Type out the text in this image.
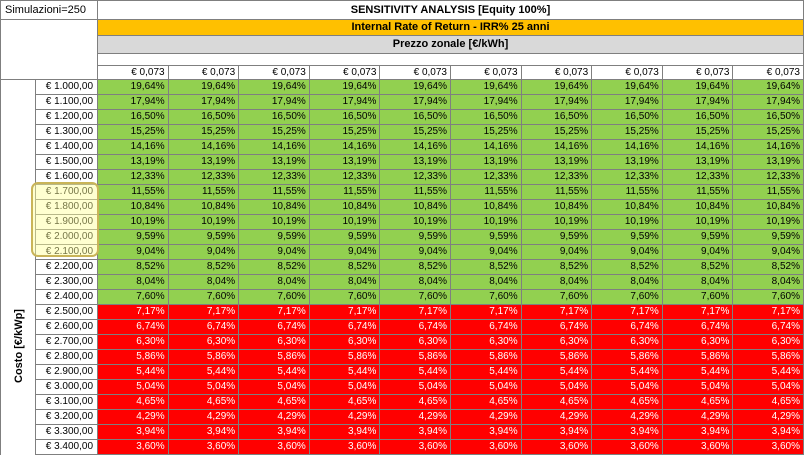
Simulazioni=250	SENSITIVITY ANALYSIS [Equity 100%]
Internal Rate of Return - IRR% 25 anni
Prezzo zonale [€/kWh]
€ 0,073	€ 0,073	€ 0,073	€ 0,073	€ 0,073	€ 0,073	€ 0,073	€ 0,073	€ 0,073	€ 0,073
Costo [€/kWp]
€ 1.000,00	19,64%	19,64%	19,64%	19,64%	19,64%	19,64%	19,64%	19,64%	19,64%	19,64%
€ 1.100,00	17,94%	17,94%	17,94%	17,94%	17,94%	17,94%	17,94%	17,94%	17,94%	17,94%
€ 1.200,00	16,50%	16,50%	16,50%	16,50%	16,50%	16,50%	16,50%	16,50%	16,50%	16,50%
€ 1.300,00	15,25%	15,25%	15,25%	15,25%	15,25%	15,25%	15,25%	15,25%	15,25%	15,25%
€ 1.400,00	14,16%	14,16%	14,16%	14,16%	14,16%	14,16%	14,16%	14,16%	14,16%	14,16%
€ 1.500,00	13,19%	13,19%	13,19%	13,19%	13,19%	13,19%	13,19%	13,19%	13,19%	13,19%
€ 1.600,00	12,33%	12,33%	12,33%	12,33%	12,33%	12,33%	12,33%	12,33%	12,33%	12,33%
€ 1.700,00	11,55%	11,55%	11,55%	11,55%	11,55%	11,55%	11,55%	11,55%	11,55%	11,55%
€ 1.800,00	10,84%	10,84%	10,84%	10,84%	10,84%	10,84%	10,84%	10,84%	10,84%	10,84%
€ 1.900,00	10,19%	10,19%	10,19%	10,19%	10,19%	10,19%	10,19%	10,19%	10,19%	10,19%
€ 2.000,00	9,59%	9,59%	9,59%	9,59%	9,59%	9,59%	9,59%	9,59%	9,59%	9,59%
€ 2.100,00	9,04%	9,04%	9,04%	9,04%	9,04%	9,04%	9,04%	9,04%	9,04%	9,04%
€ 2.200,00	8,52%	8,52%	8,52%	8,52%	8,52%	8,52%	8,52%	8,52%	8,52%	8,52%
€ 2.300,00	8,04%	8,04%	8,04%	8,04%	8,04%	8,04%	8,04%	8,04%	8,04%	8,04%
€ 2.400,00	7,60%	7,60%	7,60%	7,60%	7,60%	7,60%	7,60%	7,60%	7,60%	7,60%
€ 2.500,00	7,17%	7,17%	7,17%	7,17%	7,17%	7,17%	7,17%	7,17%	7,17%	7,17%
€ 2.600,00	6,74%	6,74%	6,74%	6,74%	6,74%	6,74%	6,74%	6,74%	6,74%	6,74%
€ 2.700,00	6,30%	6,30%	6,30%	6,30%	6,30%	6,30%	6,30%	6,30%	6,30%	6,30%
€ 2.800,00	5,86%	5,86%	5,86%	5,86%	5,86%	5,86%	5,86%	5,86%	5,86%	5,86%
€ 2.900,00	5,44%	5,44%	5,44%	5,44%	5,44%	5,44%	5,44%	5,44%	5,44%	5,44%
€ 3.000,00	5,04%	5,04%	5,04%	5,04%	5,04%	5,04%	5,04%	5,04%	5,04%	5,04%
€ 3.100,00	4,65%	4,65%	4,65%	4,65%	4,65%	4,65%	4,65%	4,65%	4,65%	4,65%
€ 3.200,00	4,29%	4,29%	4,29%	4,29%	4,29%	4,29%	4,29%	4,29%	4,29%	4,29%
€ 3.300,00	3,94%	3,94%	3,94%	3,94%	3,94%	3,94%	3,94%	3,94%	3,94%	3,94%
€ 3.400,00	3,60%	3,60%	3,60%	3,60%	3,60%	3,60%	3,60%	3,60%	3,60%	3,60%
